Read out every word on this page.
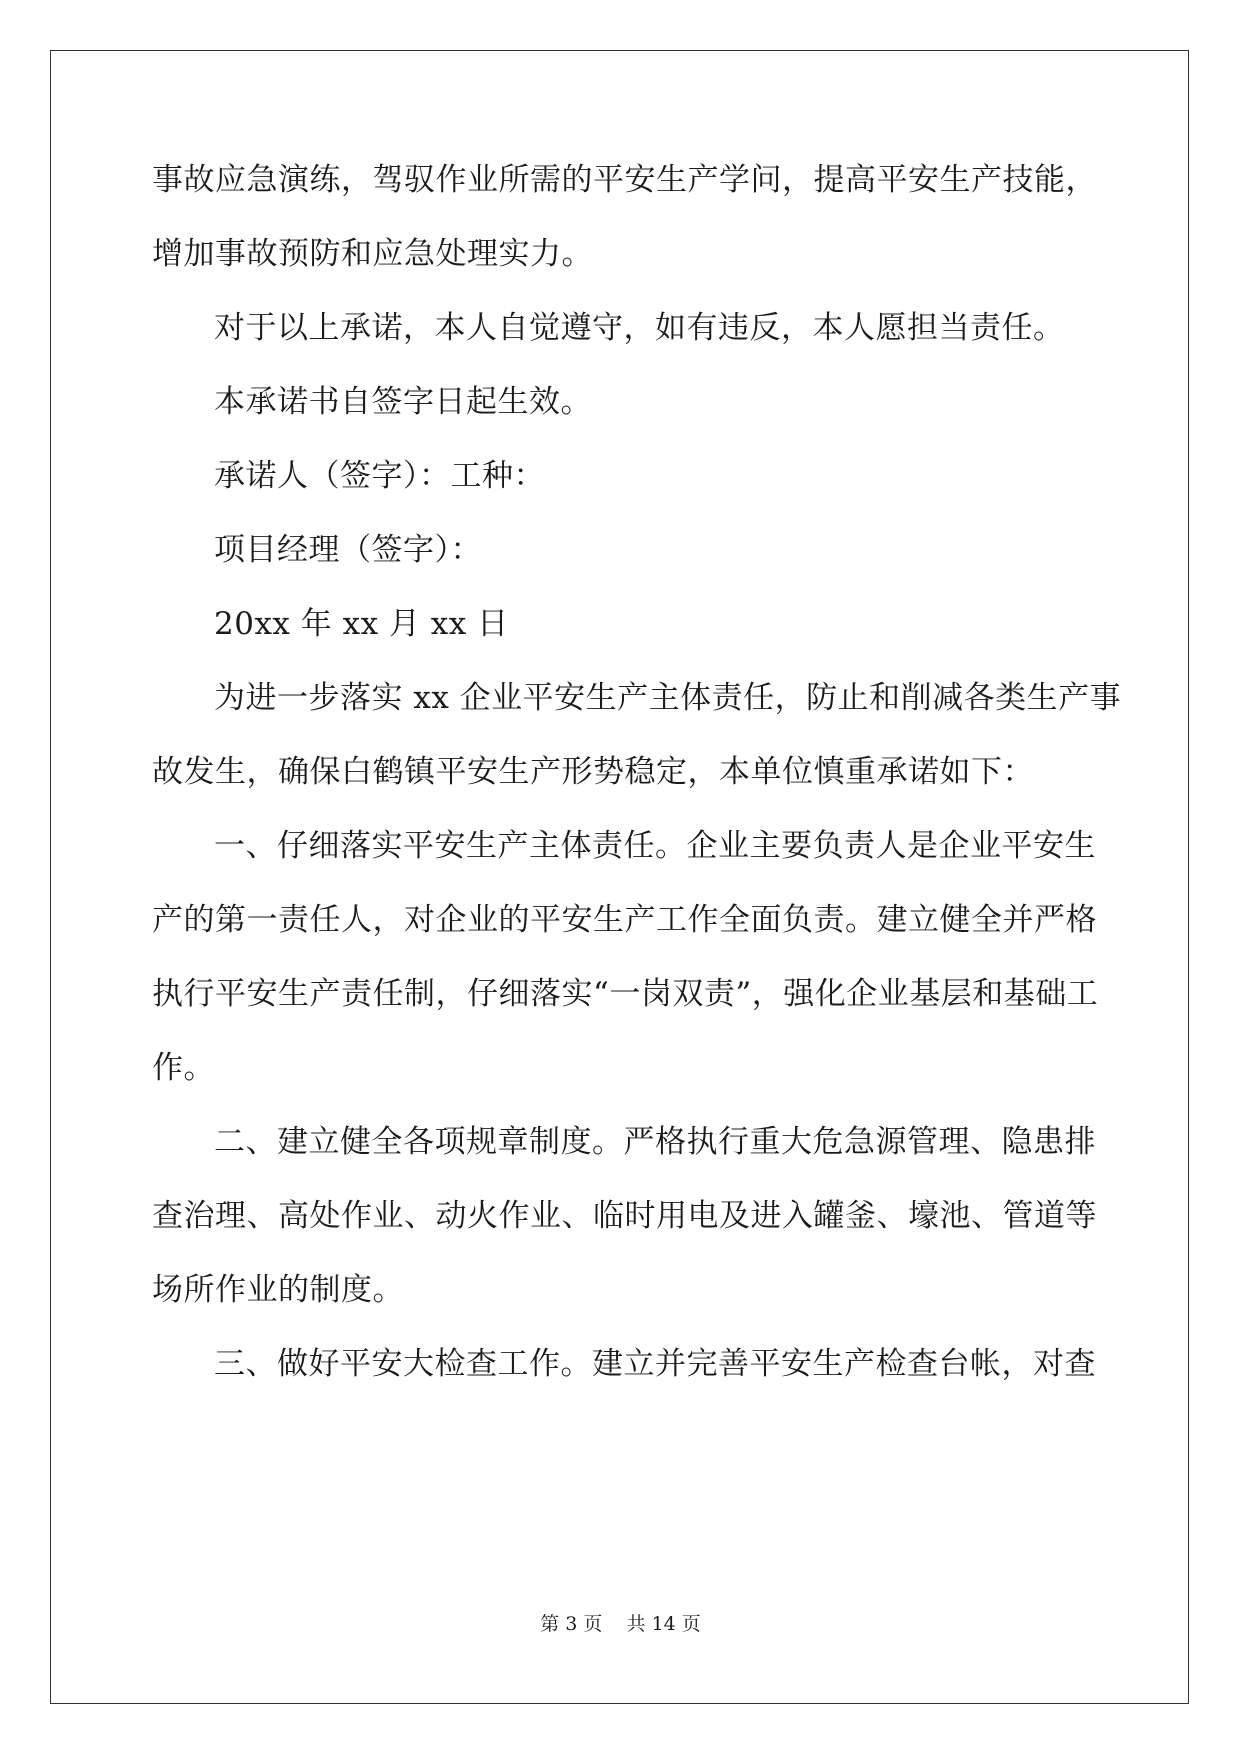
事故应急演练，驾驭作业所需的平安生产学问，提高平安生产技能，
增加事故预防和应急处理实力。
对于以上承诺，本人自觉遵守，如有违反，本人愿担当责任。
本承诺书自签字日起生效。
承诺人（签字）：工种：
项目经理（签字）：
20xx 年 xx 月 xx 日
为进一步落实 xx 企业平安生产主体责任，防止和削减各类生产事
故发生，确保白鹤镇平安生产形势稳定，本单位慎重承诺如下：
一、仔细落实平安生产主体责任。企业主要负责人是企业平安生
产的第一责任人，对企业的平安生产工作全面负责。建立健全并严格
执行平安生产责任制，仔细落实“一岗双责”，强化企业基层和基础工
作。
二、建立健全各项规章制度。严格执行重大危急源管理、隐患排
查治理、高处作业、动火作业、临时用电及进入罐釜、壕池、管道等
场所作业的制度。
三、做好平安大检查工作。建立并完善平安生产检查台帐，对查
第 3 页    共 14 页
